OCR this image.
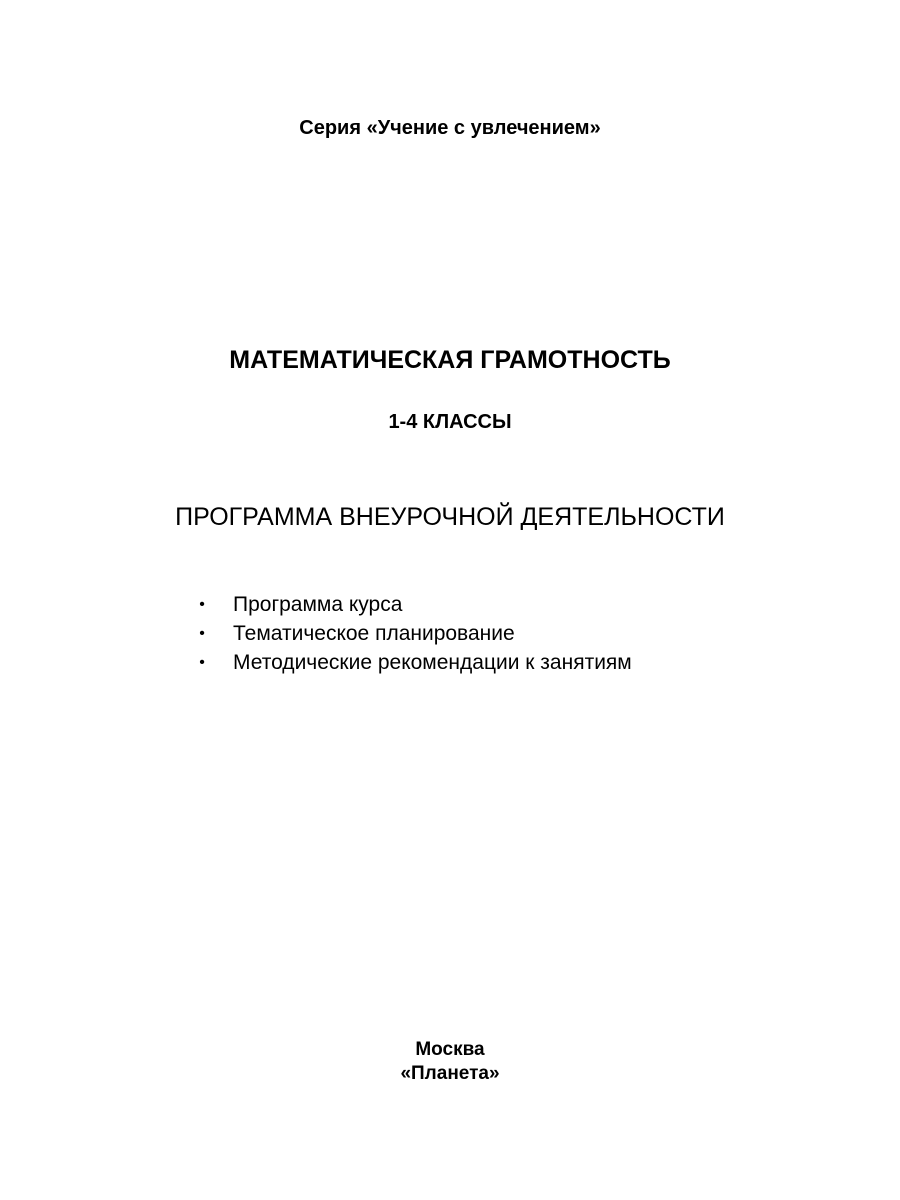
Серия «Учение с увлечением»
МАТЕМАТИЧЕСКАЯ ГРАМОТНОСТЬ
1-4 КЛАССЫ
ПРОГРАММА ВНЕУРОЧНОЙ ДЕЯТЕЛЬНОСТИ
• Программа курса
• Тематическое планирование
• Методические рекомендации к занятиям
Москва
«Планета»
